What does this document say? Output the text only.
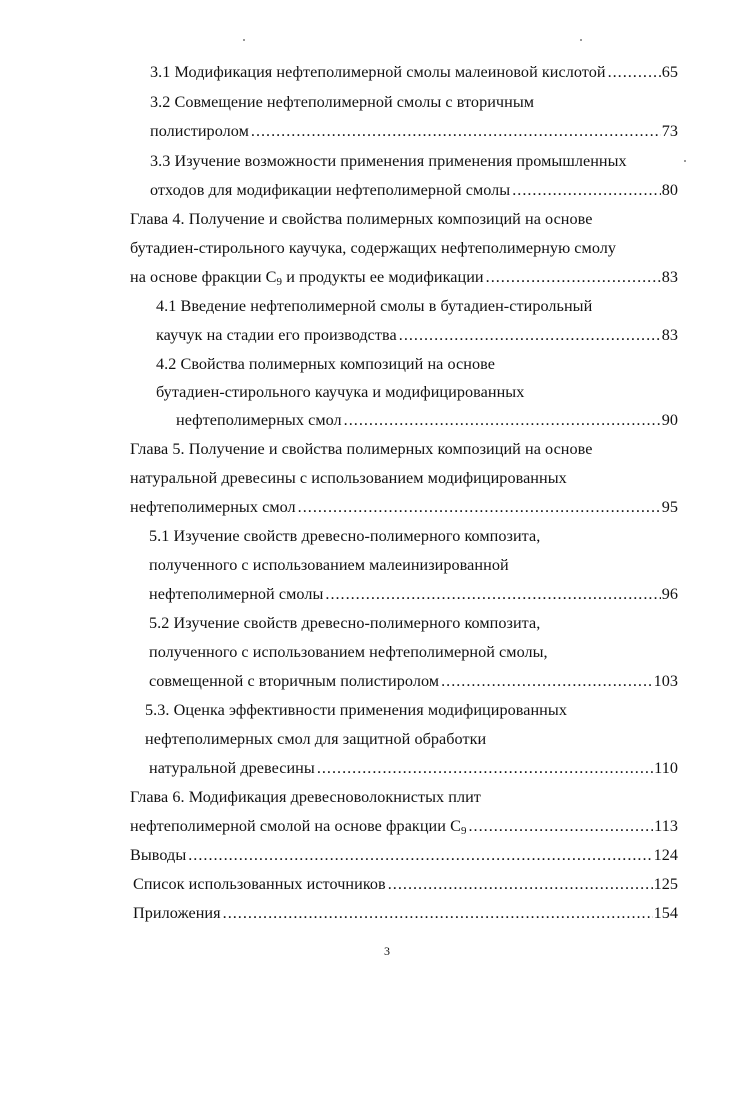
3.1 Модификация нефтеполимерной смолы малеиновой кислотой .....	65
3.2 Совмещение нефтеполимерной смолы с вторичным
полистиролом .....	73
3.3 Изучение возможности применения применения промышленных
отходов для модификации нефтеполимерной смолы .....	80
Глава 4. Получение и свойства полимерных композиций на основе
бутадиен-стирольного каучука, содержащих нефтеполимерную смолу
на основе фракции С9 и продукты ее модификации .....	83
4.1 Введение нефтеполимерной смолы в бутадиен-стирольный
каучук на стадии его производства .....	83
4.2 Свойства полимерных композиций на основе
бутадиен-стирольного каучука и модифицированных
нефтеполимерных смол .....	90
Глава 5. Получение и свойства полимерных композиций на основе
натуральной древесины с использованием модифицированных
нефтеполимерных смол .....	95
5.1 Изучение свойств древесно-полимерного композита,
полученного с использованием малеинизированной
нефтеполимерной смолы .....	96
5.2 Изучение свойств древесно-полимерного композита,
полученного с использованием нефтеполимерной смолы,
совмещенной с вторичным полистиролом .....	103
5.3. Оценка эффективности применения модифицированных
нефтеполимерных смол для защитной обработки
натуральной древесины .....	110
Глава 6. Модификация древесноволокнистых плит
нефтеполимерной смолой на основе фракции С9 .....	113
Выводы .....	124
Список использованных источников .....	125
Приложения .....	154
3
